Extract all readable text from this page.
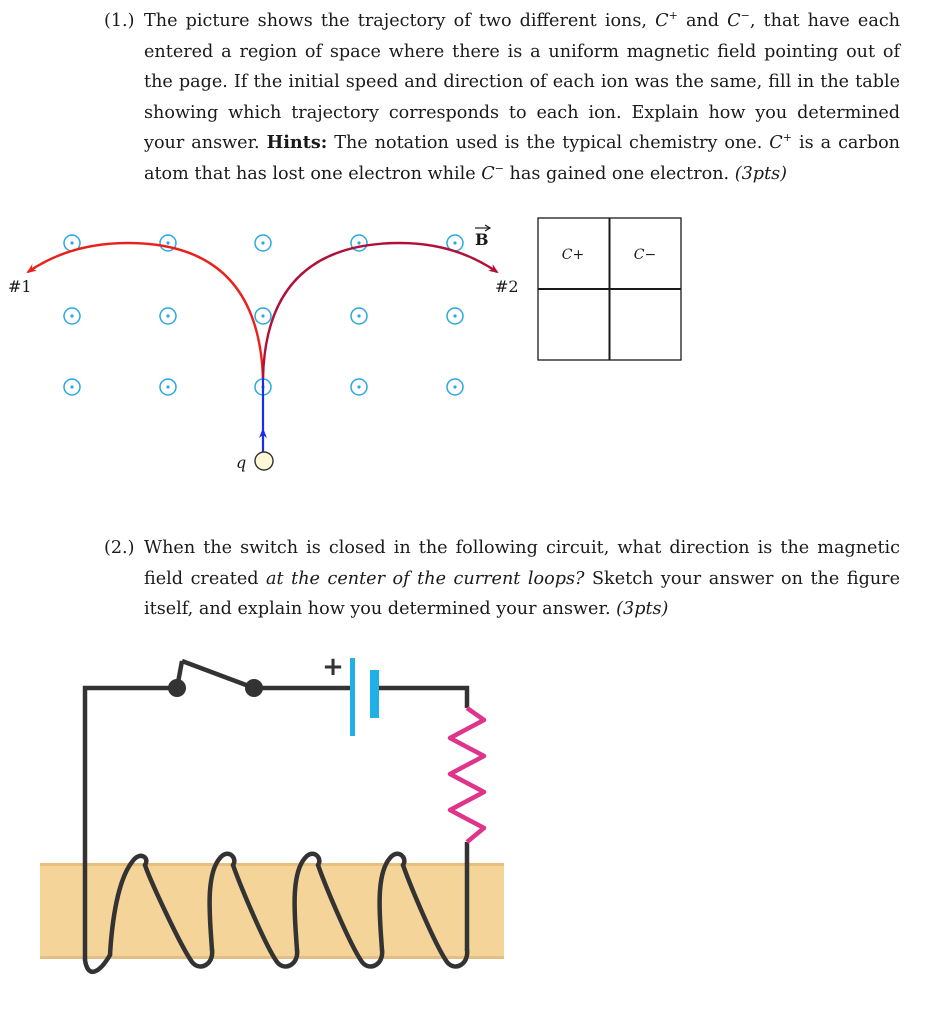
(1.) The picture shows the trajectory of two different ions, C+ and C−, that have each entered a region of space where there is a uniform magnetic field pointing out of the page. If the initial speed and direction of each ion was the same, fill in the table showing which trajectory corresponds to each ion. Explain how you determined your answer. Hints: The notation used is the typical chemistry one. C+ is a carbon atom that has lost one electron while C− has gained one electron. (3pts)
q
#1	#2
B
C+	C−
(2.) When the switch is closed in the following circuit, what direction is the magnetic field created at the center of the current loops? Sketch your answer on the figure itself, and explain how you determined your answer. (3pts)
+
